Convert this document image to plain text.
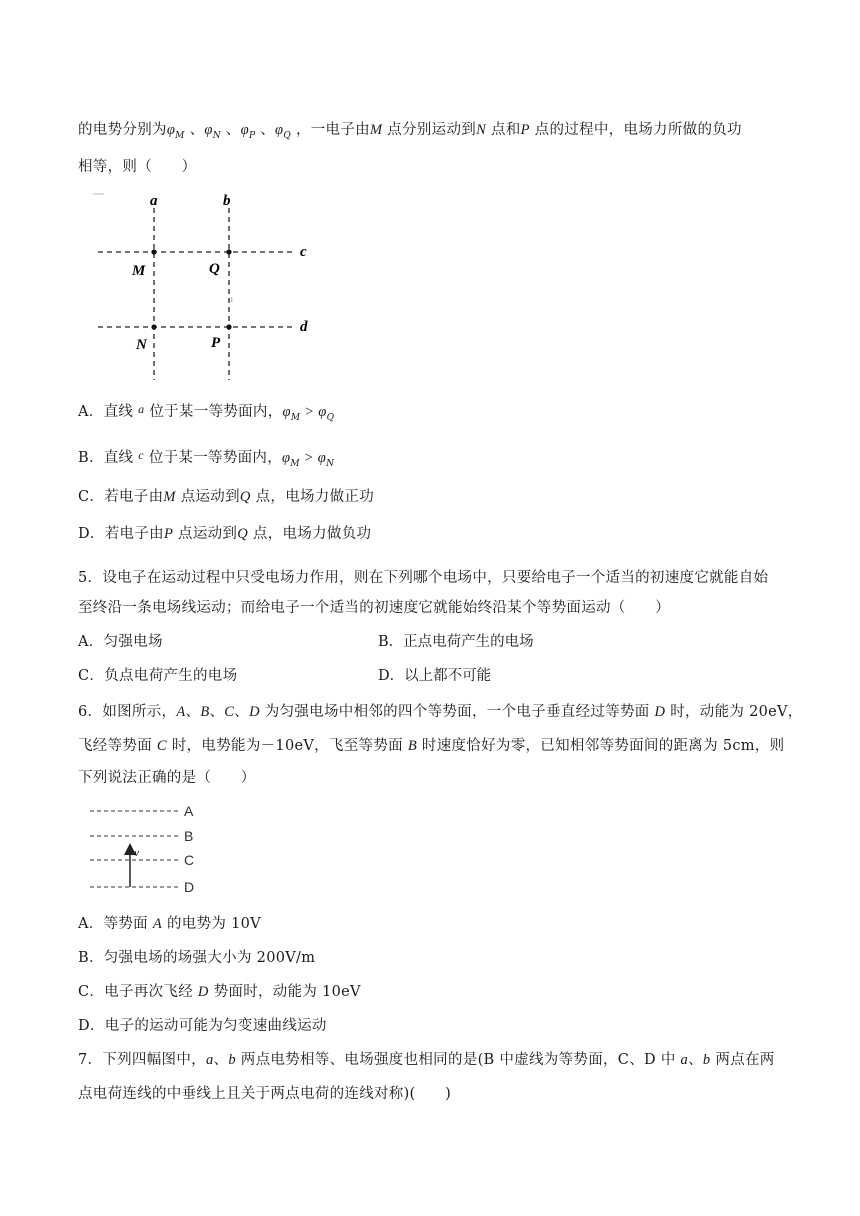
的电势分别为$\varphi_M$ 、$\varphi_N$ 、$\varphi_P$ 、$\varphi_Q$ ，一电子由M 点分别运动到N 点和P 点的过程中，电场力所做的负功
相等，则（　　）
1
a	b
c
d
M	Q
N	P
A．直线 $^a$ 位于某一等势面内，$\varphi_M > \varphi_Q$
B．直线 $^c$ 位于某一等势面内，$\varphi_M > \varphi_N$
C．若电子由M 点运动到Q 点，电场力做正功
D．若电子由P 点运动到Q 点，电场力做负功
5．设电子在运动过程中只受电场力作用，则在下列哪个电场中，只要给电子一个适当的初速度它就能自始
至终沿一条电场线运动；而给电子一个适当的初速度它就能始终沿某个等势面运动（　　）
A．匀强电场	B．正点电荷产生的电场
C．负点电荷产生的电场	D．以上都不可能
6．如图所示，A、B、C、D 为匀强电场中相邻的四个等势面，一个电子垂直经过等势面 D 时，动能为 20eV，
飞经等势面 C 时，电势能为－10eV，飞至等势面 B 时速度恰好为零，已知相邻等势面间的距离为 5cm，则
下列说法正确的是（　　）
v
A
B
C
D
A．等势面 A 的电势为 10V
B．匀强电场的场强大小为 200V/m
C．电子再次飞经 D 势面时，动能为 10eV
D．电子的运动可能为匀变速曲线运动
7．下列四幅图中，a、b 两点电势相等、电场强度也相同的是(B 中虚线为等势面，C、D 中 a、b 两点在两
点电荷连线的中垂线上且关于两点电荷的连线对称)(　　)
